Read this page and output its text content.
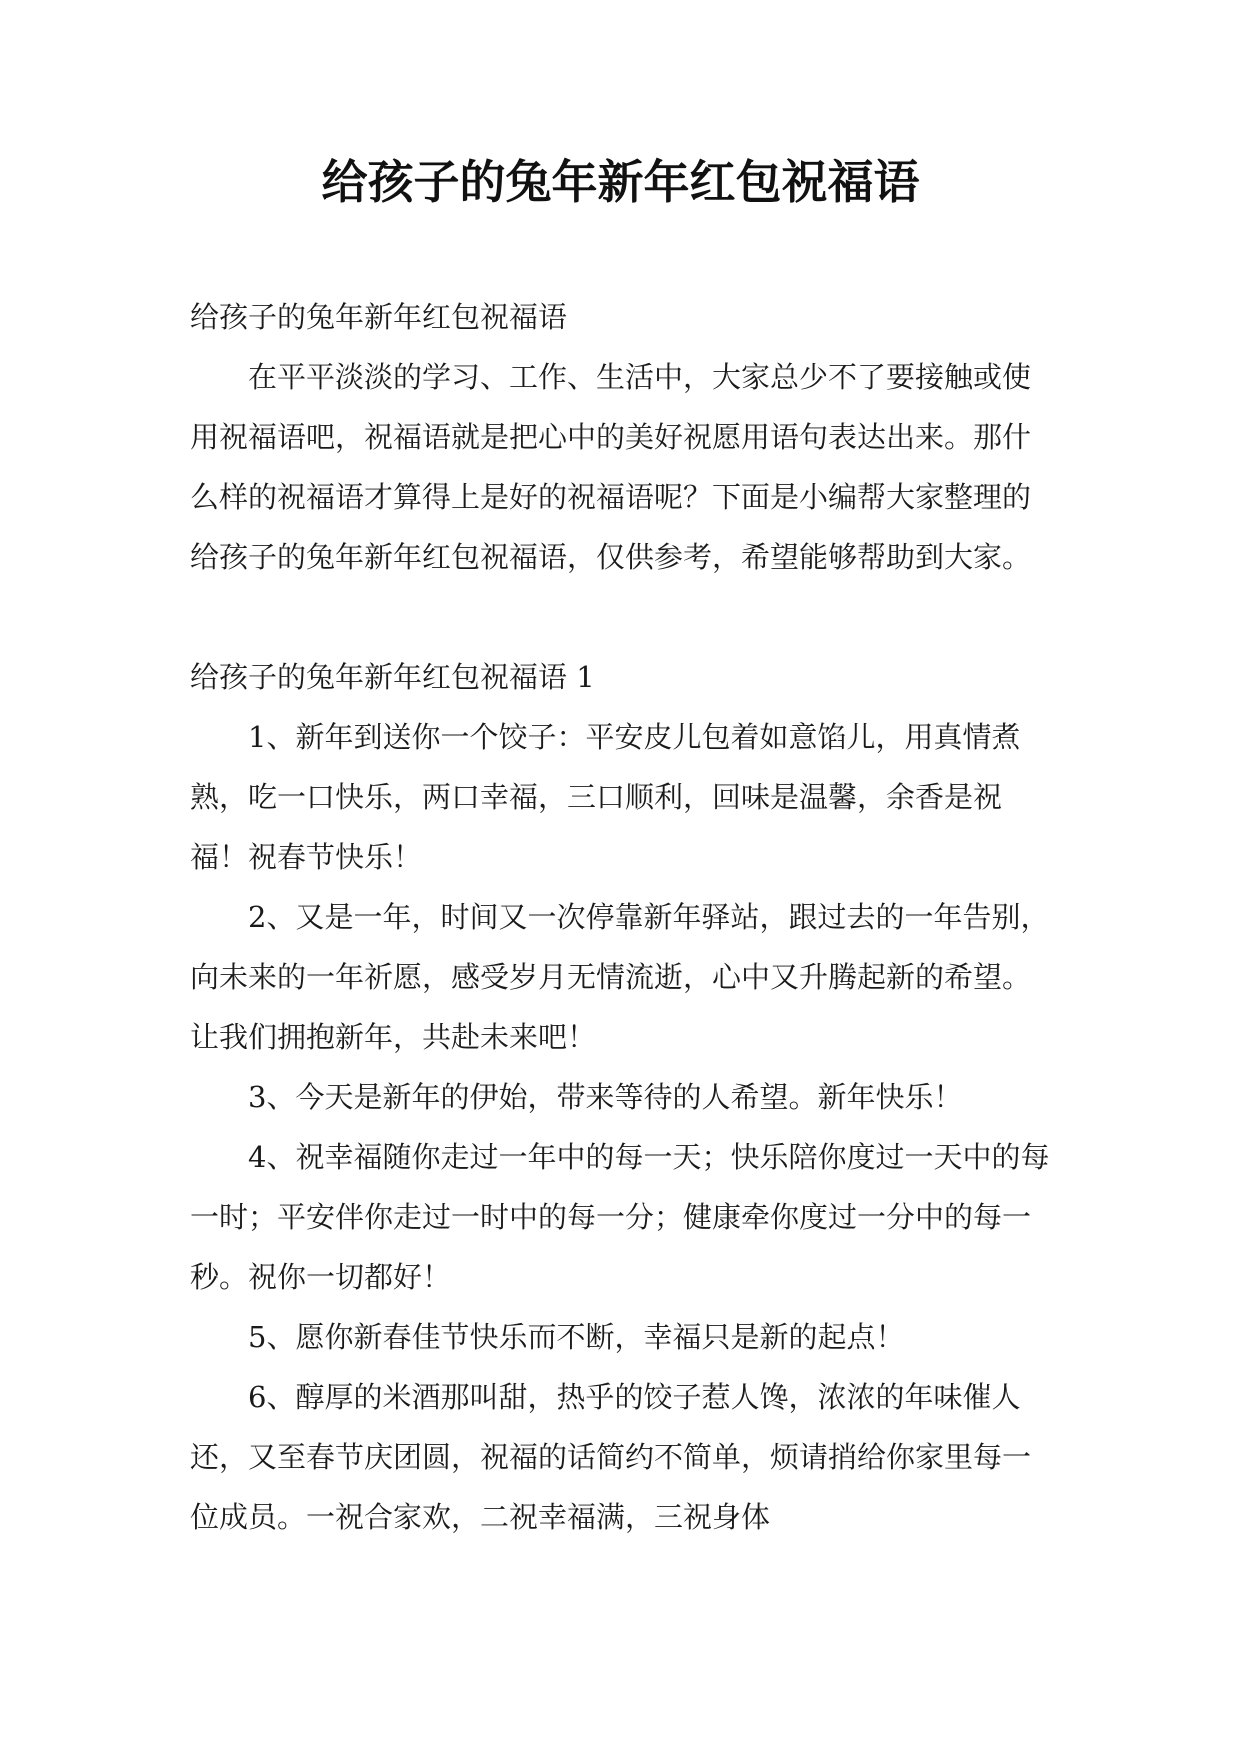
给孩子的兔年新年红包祝福语

给孩子的兔年新年红包祝福语

在平平淡淡的学习、工作、生活中，大家总少不了要接触或使用祝福语吧，祝福语就是把心中的美好祝愿用语句表达出来。那什么样的祝福语才算得上是好的祝福语呢？下面是小编帮大家整理的给孩子的兔年新年红包祝福语，仅供参考，希望能够帮助到大家。

给孩子的兔年新年红包祝福语 1

1、新年到送你一个饺子：平安皮儿包着如意馅儿，用真情煮熟，吃一口快乐，两口幸福，三口顺利，回味是温馨，余香是祝福！祝春节快乐！

2、又是一年，时间又一次停靠新年驿站，跟过去的一年告别，向未来的一年祈愿，感受岁月无情流逝，心中又升腾起新的希望。让我们拥抱新年，共赴未来吧！

3、今天是新年的伊始，带来等待的人希望。新年快乐！

4、祝幸福随你走过一年中的每一天；快乐陪你度过一天中的每一时；平安伴你走过一时中的每一分；健康牵你度过一分中的每一秒。祝你一切都好！

5、愿你新春佳节快乐而不断，幸福只是新的起点！

6、醇厚的米酒那叫甜，热乎的饺子惹人馋，浓浓的年味催人还，又至春节庆团圆，祝福的话简约不简单，烦请捎给你家里每一位成员。一祝合家欢，二祝幸福满，三祝身体
